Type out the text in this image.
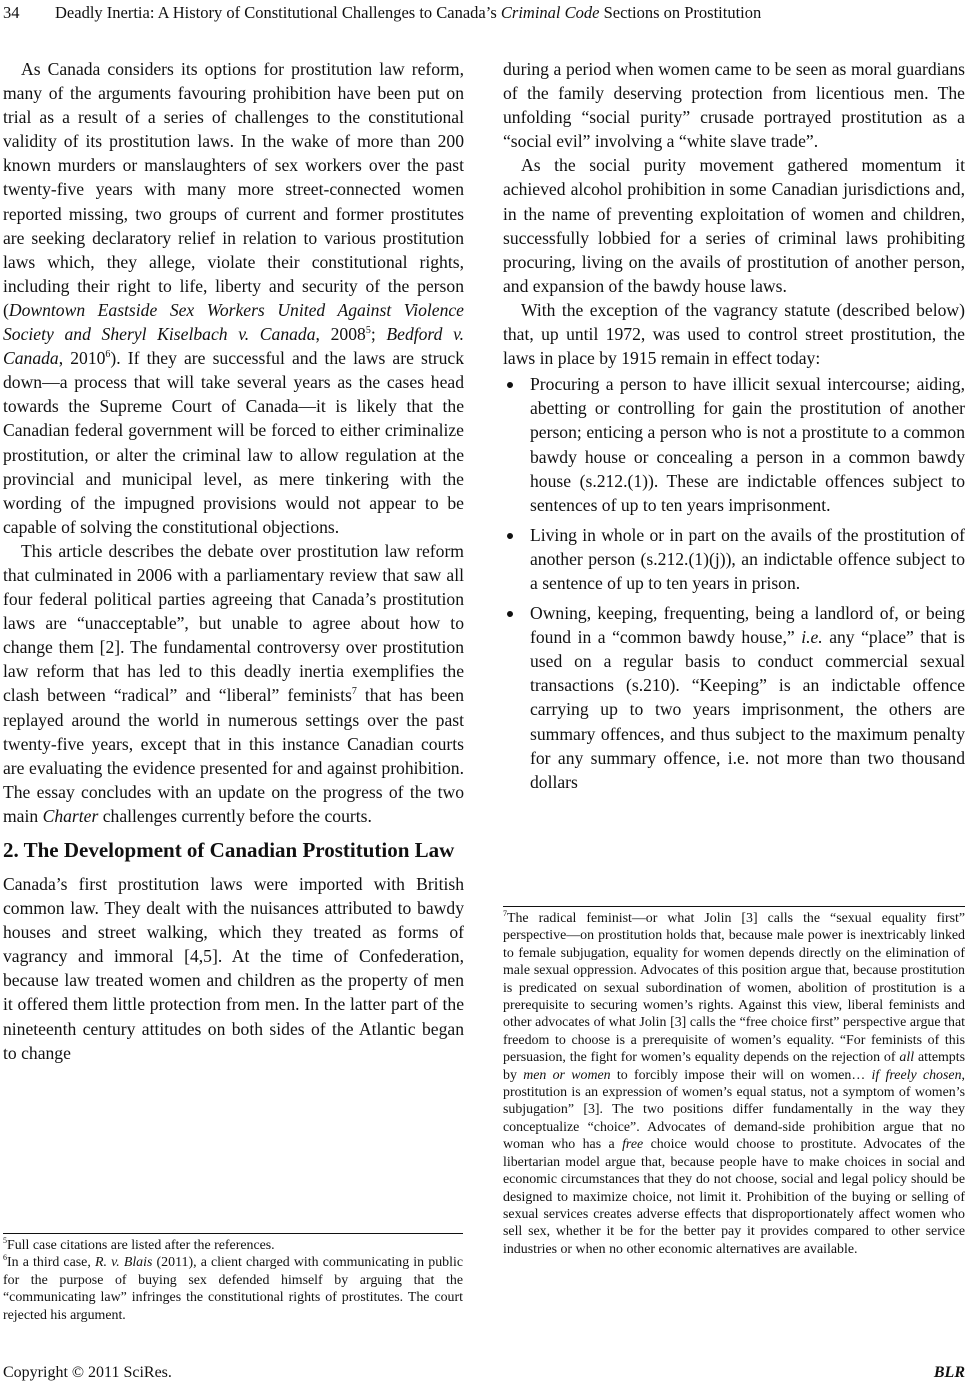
34 Deadly Inertia: A History of Constitutional Challenges to Canada’s Criminal Code Sections on Prostitution

As Canada considers its options for prostitution law reform, many of the arguments favouring prohibition have been put on trial as a result of a series of challenges to the constitutional validity of its prostitution laws. In the wake of more than 200 known murders or manslaughters of sex workers over the past twenty-five years with many more street-connected women reported missing, two groups of current and former prostitutes are seeking declaratory relief in relation to various prostitution laws which, they allege, violate their constitutional rights, including their right to life, liberty and security of the person (Downtown Eastside Sex Workers United Against Violence Society and Sheryl Kiselbach v. Canada, 2008$^5$; Bedford v. Canada, 2010$^6$). If they are successful and the laws are struck down—a process that will take several years as the cases head towards the Supreme Court of Canada—it is likely that the Canadian federal government will be forced to either criminalize prostitution, or alter the criminal law to allow regulation at the provincial and municipal level, as mere tinkering with the wording of the impugned provisions would not appear to be capable of solving the constitutional objections.

This article describes the debate over prostitution law reform that culminated in 2006 with a parliamentary review that saw all four federal political parties agreeing that Canada’s prostitution laws are “unacceptable”, but unable to agree about how to change them [2]. The fundamental controversy over prostitution law reform that has led to this deadly inertia exemplifies the clash between “radical” and “liberal” feminists$^7$ that has been replayed around the world in numerous settings over the past twenty-five years, except that in this instance Canadian courts are evaluating the evidence presented for and against prohibition. The essay concludes with an update on the progress of the two main Charter challenges currently before the courts.

2. The Development of Canadian Prostitution Law

Canada’s first prostitution laws were imported with British common law. They dealt with the nuisances attributed to bawdy houses and street walking, which they treated as forms of vagrancy and immoral [4,5]. At the time of Confederation, because law treated women and children as the property of men it offered them little protection from men. In the latter part of the nineteenth century attitudes on both sides of the Atlantic began to change

$^5$Full case citations are listed after the references.

$^6$In a third case, R. v. Blais (2011), a client charged with communicating in public for the purpose of buying sex defended himself by arguing that the “communicating law” infringes the constitutional rights of prostitutes. The court rejected his argument.

during a period when women came to be seen as moral guardians of the family deserving protection from licentious men. The unfolding “social purity” crusade portrayed prostitution as a “social evil” involving a “white slave trade”.

As the social purity movement gathered momentum it achieved alcohol prohibition in some Canadian jurisdictions and, in the name of preventing exploitation of women and children, successfully lobbied for a series of criminal laws prohibiting procuring, living on the avails of prostitution of another person, and expansion of the bawdy house laws.

With the exception of the vagrancy statute (described below) that, up until 1972, was used to control street prostitution, the laws in place by 1915 remain in effect today:

Procuring a person to have illicit sexual intercourse; aiding, abetting or controlling for gain the prostitution of another person; enticing a person who is not a prostitute to a common bawdy house or concealing a person in a common bawdy house (s.212.(1)). These are indictable offences subject to sentences of up to ten years imprisonment.
Living in whole or in part on the avails of the prostitution of another person (s.212.(1)(j)), an indictable offence subject to a sentence of up to ten years in prison.
Owning, keeping, frequenting, being a landlord of, or being found in a “common bawdy house,” i.e. any “place” that is used on a regular basis to conduct commercial sexual transactions (s.210). “Keeping” is an indictable offence carrying up to two years imprisonment, the others are summary offences, and thus subject to the maximum penalty for any summary offence, i.e. not more than two thousand dollars

$^7$The radical feminist—or what Jolin [3] calls the “sexual equality first” perspective—on prostitution holds that, because male power is inextricably linked to female subjugation, equality for women depends directly on the elimination of male sexual oppression. Advocates of this position argue that, because prostitution is predicated on sexual subordination of women, abolition of prostitution is a prerequisite to securing women’s rights. Against this view, liberal feminists and other advocates of what Jolin [3] calls the “free choice first” perspective argue that freedom to choose is a prerequisite of women’s equality. “For feminists of this persuasion, the fight for women’s equality depends on the rejection of all attempts by men or women to forcibly impose their will on women… if freely chosen, prostitution is an expression of women’s equal status, not a symptom of women’s subjugation” [3]. The two positions differ fundamentally in the way they conceptualize “choice”. Advocates of demand-side prohibition argue that no woman who has a free choice would choose to prostitute. Advocates of the libertarian model argue that, because people have to make choices in social and economic circumstances that they do not choose, social and legal policy should be designed to maximize choice, not limit it. Prohibition of the buying or selling of sexual services creates adverse effects that disproportionately affect women who sell sex, whether it be for the better pay it provides compared to other service industries or when no other economic alternatives are available.

Copyright © 2011 SciRes.	BLR
